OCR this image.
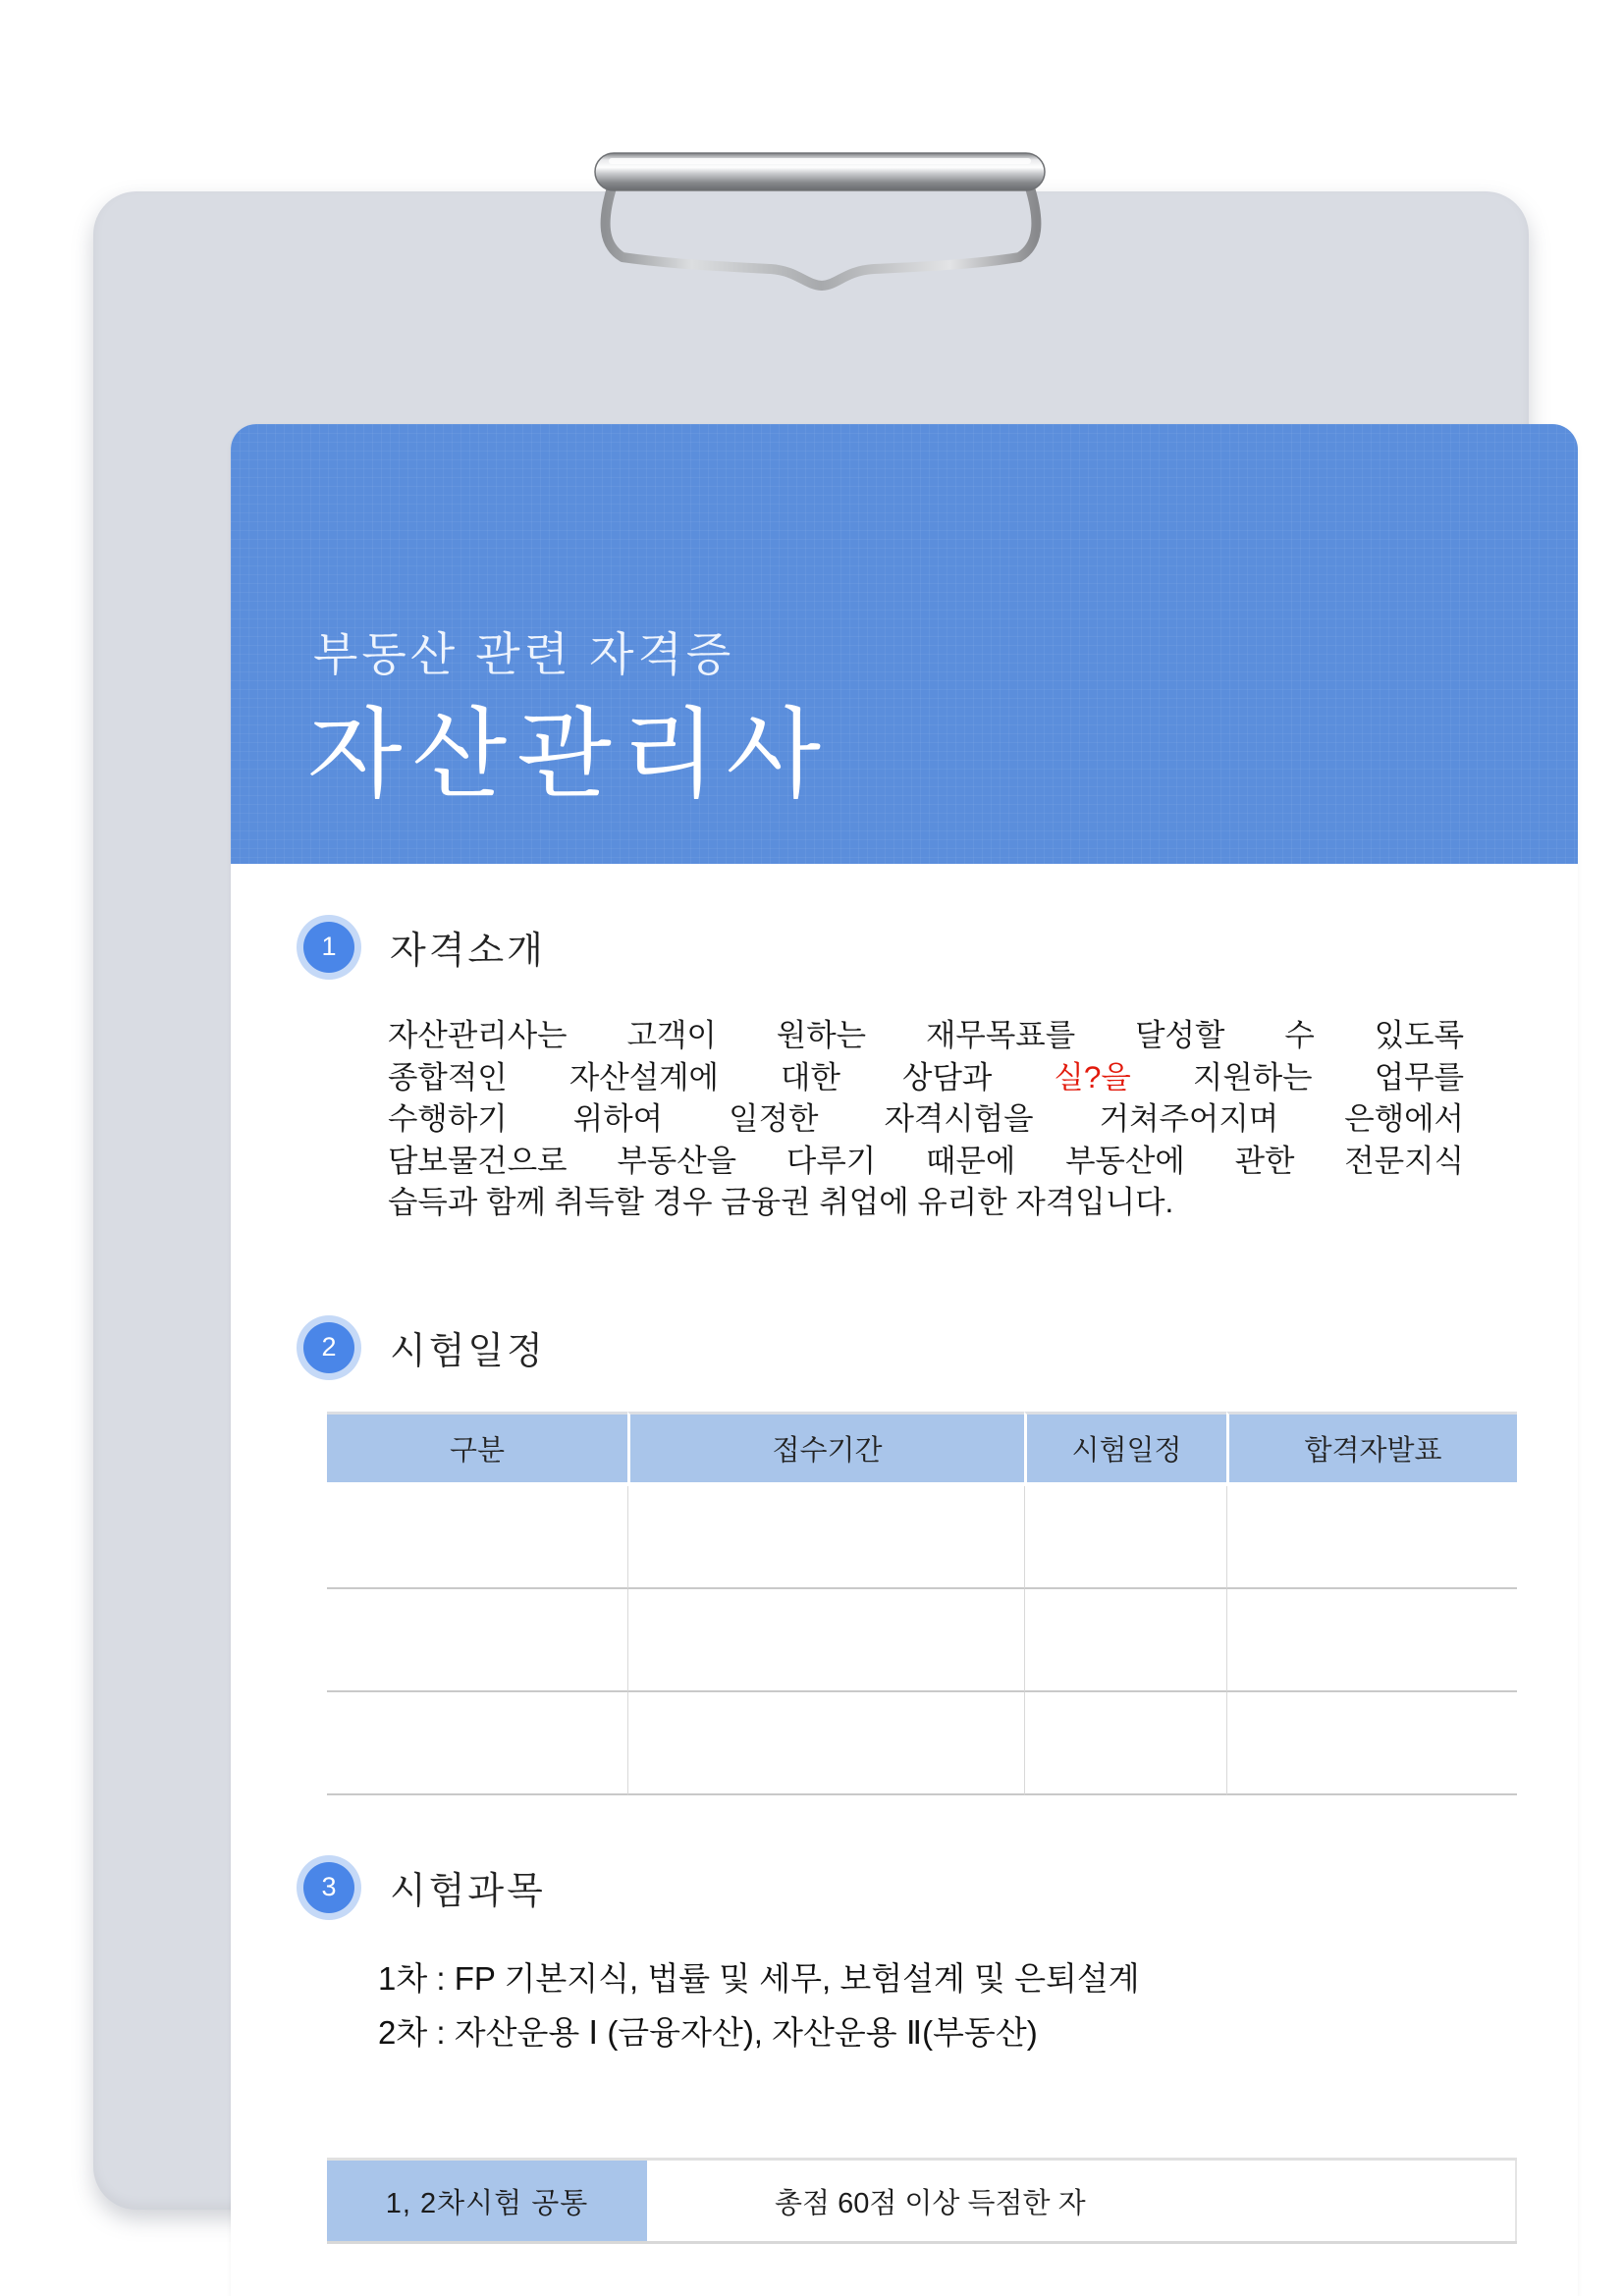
부동산 관련 자격증
자산관리사
1	자격소개
자산관리사는 고객이 원하는 재무목표를 달성할 수 있도록
종합적인 자산설계에 대한 상담과 실?을 지원하는 업무를
수행하기 위하여 일정한 자격시험을 거쳐주어지며 은행에서
담보물건으로 부동산을 다루기 때문에 부동산에 관한 전문지식
습득과 함께 취득할 경우 금융권 취업에 유리한 자격입니다.
2	시험일정
구분	접수기간	시험일정	합격자발표

3	시험과목
1차 : FP 기본지식, 법률 및 세무, 보험설계 및 은퇴설계
2차 : 자산운용 Ⅰ (금융자산), 자산운용 Ⅱ(부동산)
1, 2차시험 공통	총점 60점 이상 득점한 자
